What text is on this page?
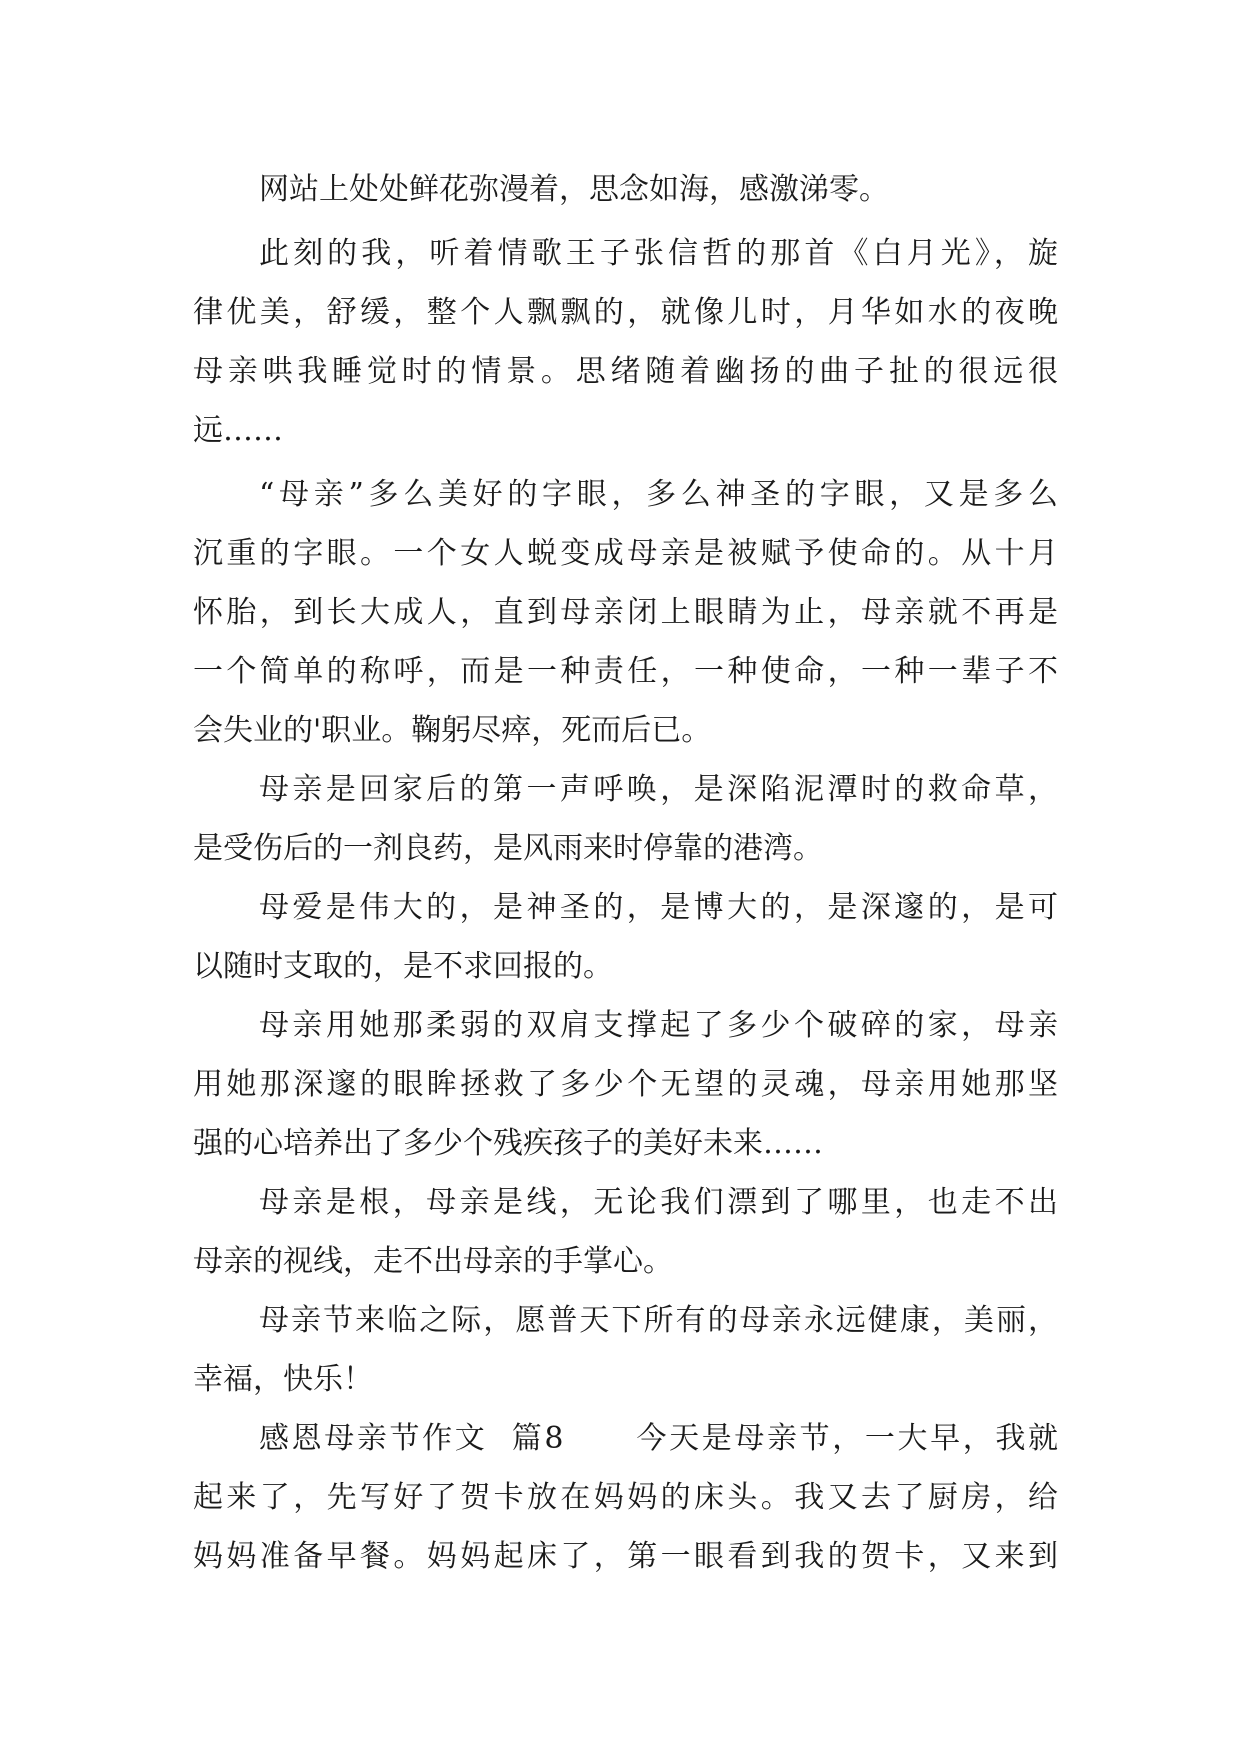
网站上处处鲜花弥漫着，思念如海，感激涕零。
此刻的我，听着情歌王子张信哲的那首《白月光》，旋
律优美，舒缓，整个人飘飘的，就像儿时，月华如水的夜晚
母亲哄我睡觉时的情景。思绪随着幽扬的曲子扯的很远很
远……
“母亲”多么美好的字眼，多么神圣的字眼，又是多么
沉重的字眼。一个女人蜕变成母亲是被赋予使命的。从十月
怀胎，到长大成人，直到母亲闭上眼睛为止，母亲就不再是
一个简单的称呼，而是一种责任，一种使命，一种一辈子不
会失业的'职业。鞠躬尽瘁，死而后已。
母亲是回家后的第一声呼唤，是深陷泥潭时的救命草，
是受伤后的一剂良药，是风雨来时停靠的港湾。
母爱是伟大的，是神圣的，是博大的，是深邃的，是可
以随时支取的，是不求回报的。
母亲用她那柔弱的双肩支撑起了多少个破碎的家，母亲
用她那深邃的眼眸拯救了多少个无望的灵魂，母亲用她那坚
强的心培养出了多少个残疾孩子的美好未来……
母亲是根，母亲是线，无论我们漂到了哪里，也走不出
母亲的视线，走不出母亲的手掌心。
母亲节来临之际，愿普天下所有的母亲永远健康，美丽，
幸福，快乐！
感恩母亲节作文  篇8      今天是母亲节，一大早，我就
起来了，先写好了贺卡放在妈妈的床头。我又去了厨房，给
妈妈准备早餐。妈妈起床了，第一眼看到我的贺卡，又来到
